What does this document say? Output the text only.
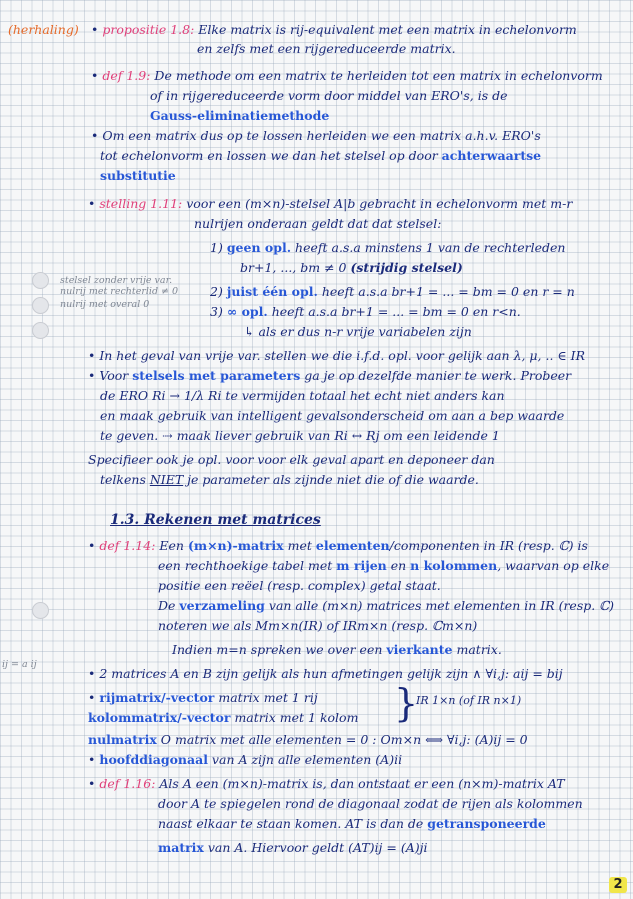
(herhaling) • propositie 1.8: Elke matrix is rij-equivalent met een matrix in echelonvorm
en zelfs met een rijgereduceerde matrix.
• def 1.9: De methode om een matrix te herleiden tot een matrix in echelonvorm
of in rijgereduceerde vorm door middel van ERO's, is de
Gauss-eliminatiemethode
• Om een matrix dus op te lossen herleiden we een matrix a.h.v. ERO's
tot echelonvorm en lossen we dan het stelsel op door achterwaartse
substitutie
• stelling 1.11: voor een (m×n)-stelsel A|b gebracht in echelonvorm met m-r
nulrijen onderaan geldt dat dat stelsel:
1) geen opl. heeft a.s.a minstens 1 van de rechterleden
br+1, ..., bm ≠ 0 (strijdig stelsel)
2) juist één opl. heeft a.s.a br+1 = ... = bm = 0 en r = n
3) ∞ opl. heeft a.s.a br+1 = ... = bm = 0 en r<n.
↳ als er dus n-r vrije variabelen zijn
• In het geval van vrije var. stellen we die i.f.d. opl. voor gelijk aan λ, μ, .. ∈ IR
• Voor stelsels met parameters ga je op dezelfde manier te werk. Probeer
de ERO Ri → 1/λ Ri te vermijden totaal het echt niet anders kan
en maak gebruik van intelligent gevalsonderscheid om aan a bep waarde
te geven. ⇢ maak liever gebruik van Ri ↔ Rj om een leidende 1
Specifieer ook je opl. voor voor elk geval apart en deponeer dan
telkens NIET je parameter als zijnde niet die of die waarde.
1.3. Rekenen met matrices
• def 1.14: Een (m×n)-matrix met elementen/componenten in IR (resp. ℂ) is
een rechthoekige tabel met m rijen en n kolommen, waarvan op elke
positie een reëel (resp. complex) getal staat.
De verzameling van alle (m×n) matrices met elementen in IR (resp. ℂ)
noteren we als Mm×n(IR) of IRm×n (resp. ℂm×n)
Indien m=n spreken we over een vierkante matrix.
• 2 matrices A en B zijn gelijk als hun afmetingen gelijk zijn ∧ ∀i,j: aij = bij
• rijmatrix/-vector matrix met 1 rij
kolommatrix/-vector matrix met 1 kolom
nulmatrix O matrix met alle elementen = 0 : Om×n ⟺ ∀i,j: (A)ij = 0
• hoofddiagonaal van A zijn alle elementen (A)ii
• def 1.16: Als A een (m×n)-matrix is, dan ontstaat er een (n×m)-matrix AT
door A te spiegelen rond de diagonaal zodat de rijen als kolommen
naast elkaar te staan komen. AT is dan de getransponeerde
matrix van A. Hiervoor geldt (AT)ij = (A)ji
stelsel zonder vrije var.
nulrij met rechterlid ≠ 0
nulrij met overal 0
ij = a ij
}
IR 1×n (of IR n×1)
2
